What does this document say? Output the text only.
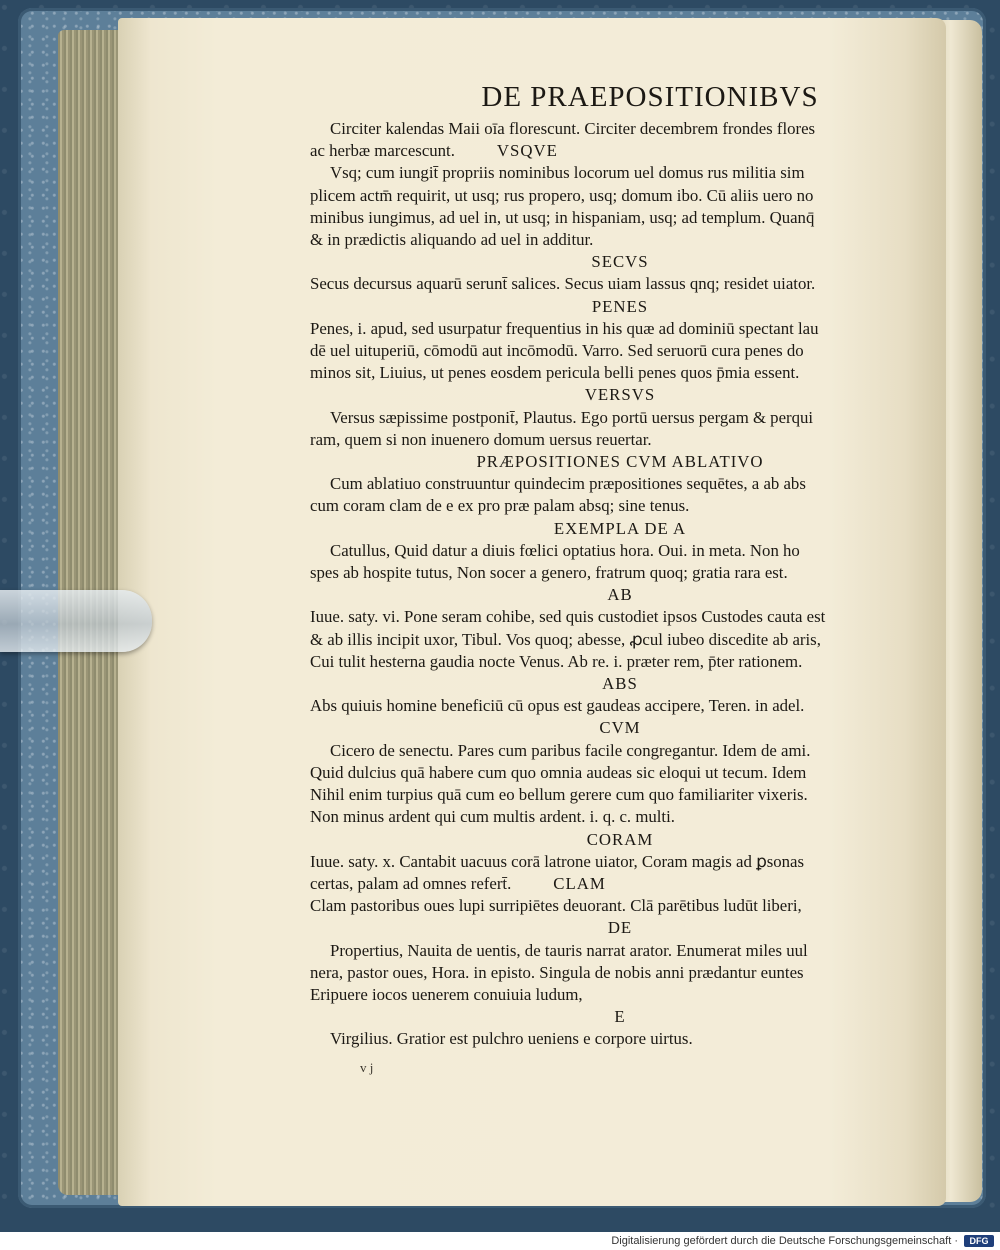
DE PRAEPOSITIONIBVS
Circiter kalendas Maii oīa florescunt. Circiter decembrem frondes flores
ac herbæ marcescunt.	VSQVE
Vsq; cum iungit̄ propriis nominibus locorum uel domus rus militia sim
plicem actm̄ requirit, ut usq; rus propero, usq; domum ibo. Cū aliis uero no
minibus iungimus, ad uel in, ut usq; in hispaniam, usq; ad templum. Quanq̄
& in prædictis aliquando ad uel in additur.
SECVS
Secus decursus aquarū serunt̄ salices. Secus uiam lassus qnq; residet uiator.
PENES
Penes, i. apud, sed usurpatur frequentius in his quæ ad dominiū spectant lau
dē uel uituperiū, cōmodū aut incōmodū. Varro. Sed seruorū cura penes do
minos sit, Liuius, ut penes eosdem pericula belli penes quos p̄mia essent.
VERSVS
Versus sæpissime postponit̄, Plautus. Ego portū uersus pergam & perqui
ram, quem si non inuenero domum uersus reuertar.
PRÆPOSITIONES CVM ABLATIVO
Cum ablatiuo construuntur quindecim præpositiones sequētes, a ab abs
cum coram clam de e ex pro præ palam absq; sine tenus.
EXEMPLA DE A
Catullus, Quid datur a diuis fœlici optatius hora. Oui. in meta. Non ho
spes ab hospite tutus, Non socer a genero, fratrum quoq; gratia rara est.
AB
Iuue. saty. vi. Pone seram cohibe, sed quis custodiet ipsos Custodes cauta est
& ab illis incipit uxor, Tibul. Vos quoq; abesse, ꝓcul iubeo discedite ab aris,
Cui tulit hesterna gaudia nocte Venus. Ab re. i. præter rem, p̄ter rationem.
ABS
Abs quiuis homine beneficiū cū opus est gaudeas accipere, Teren. in adel.
CVM
Cicero de senectu. Pares cum paribus facile congregantur. Idem de ami.
Quid dulcius quā habere cum quo omnia audeas sic eloqui ut tecum. Idem
Nihil enim turpius quā cum eo bellum gerere cum quo familiariter vixeris.
Non minus ardent qui cum multis ardent. i. q. c. multi.
CORAM
Iuue. saty. x. Cantabit uacuus corā latrone uiator, Coram magis ad ꝑsonas
certas, palam ad omnes refert̄.	CLAM
Clam pastoribus oues lupi surripiētes deuorant. Clā parētibus ludūt liberi,
DE
Propertius, Nauita de uentis, de tauris narrat arator. Enumerat miles uul
nera, pastor oues, Hora. in episto. Singula de nobis anni prædantur euntes
Eripuere iocos uenerem conuiuia ludum,
E
Virgilius. Gratior est pulchro ueniens e corpore uirtus.
v j
Digitalisierung gefördert durch die Deutsche Forschungsgemeinschaft ·	DFG
